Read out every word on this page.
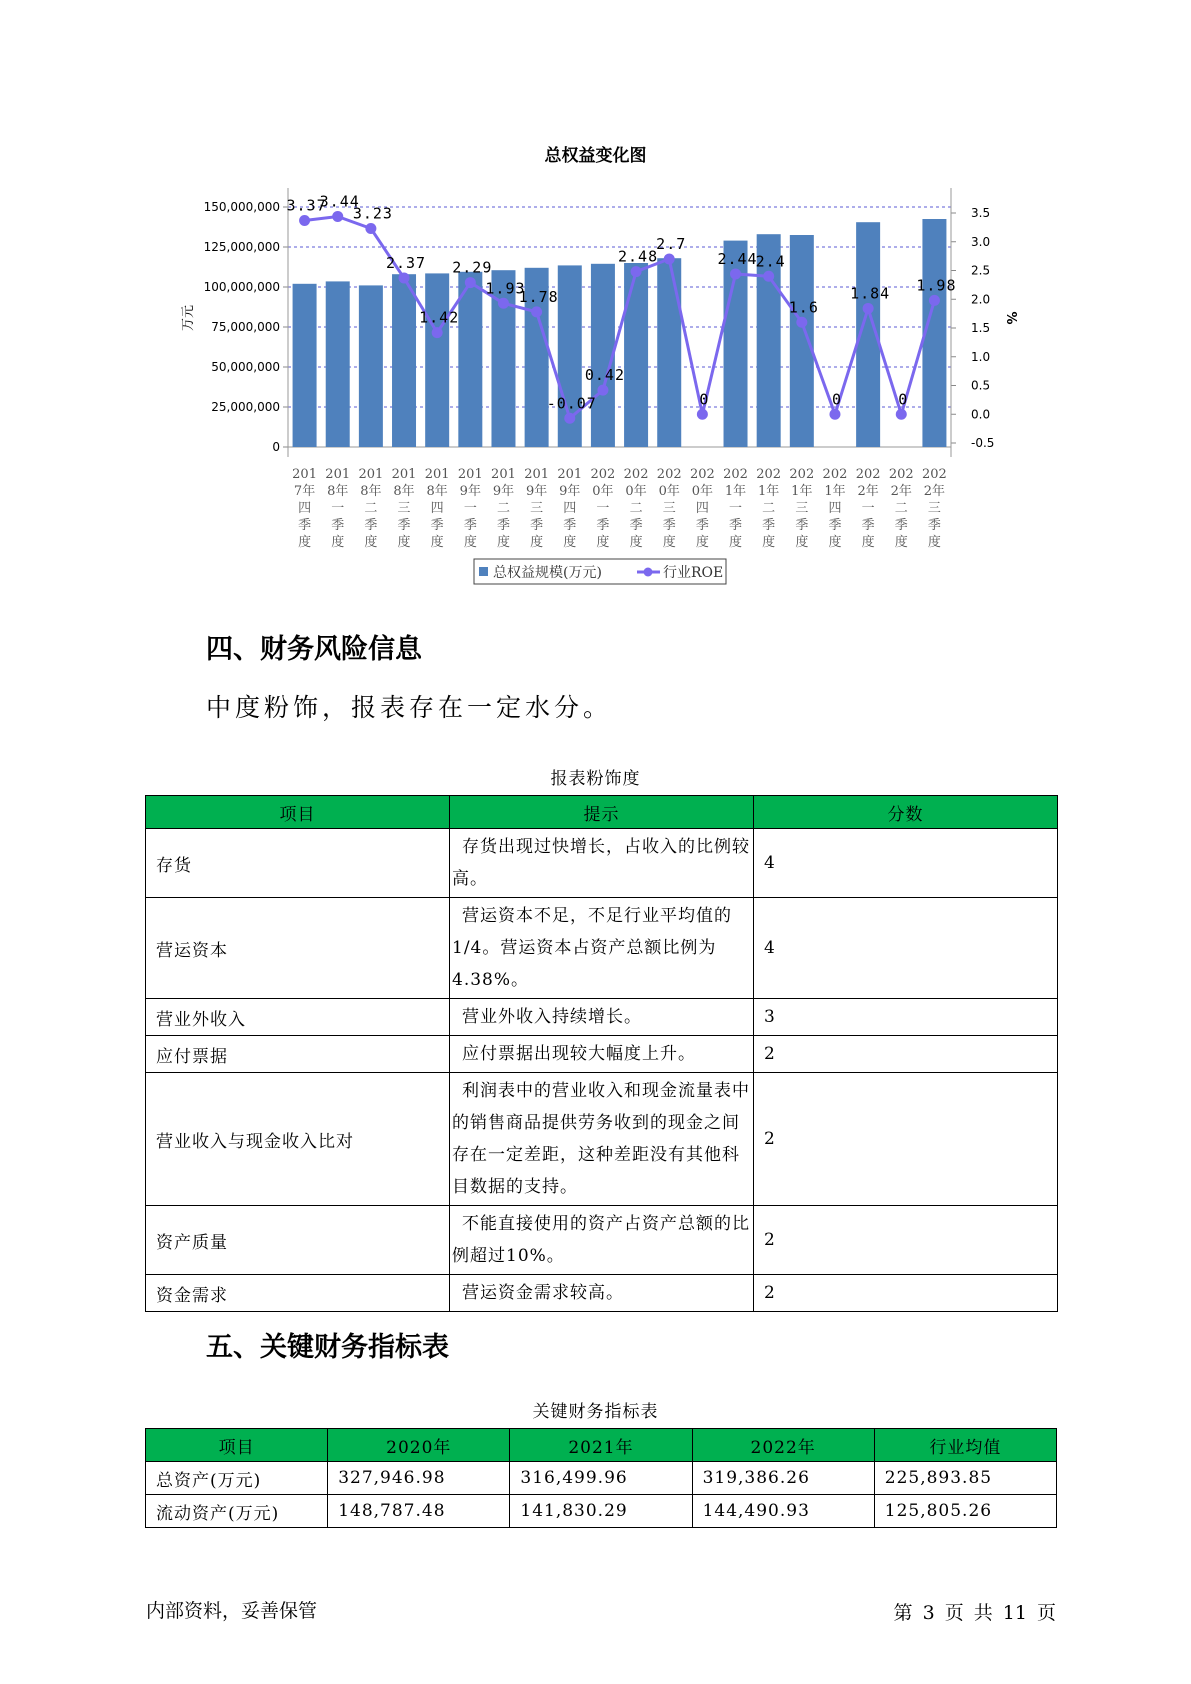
总权益变化图
150,000,000
125,000,000
100,000,000
75,000,000
50,000,000
25,000,000
0
3.5
3.0
2.5
2.0
1.5
1.0
0.5
0.0
-0.5
万元	%
201
7年
四
季
度
201
8年
一
季
度
201
8年
二
季
度
201
8年
三
季
度
201
8年
四
季
度
201
9年
一
季
度
201
9年
二
季
度
201
9年
三
季
度
201
9年
四
季
度
202
0年
一
季
度
202
0年
二
季
度
202
0年
三
季
度
202
0年
四
季
度
202
1年
一
季
度
202
1年
二
季
度
202
1年
三
季
度
202
1年
四
季
度
202
2年
一
季
度
202
2年
二
季
度
202
2年
三
季
度
3.37
3.44
3.23
2.37
1.42
2.29
1.93
1.78
-0.07
0.42
2.48
2.7
0
2.44
2.4
1.6
0
1.84
0
1.98
总权益规模(万元)	行业ROE
四、财务风险信息
中度粉饰，报表存在一定水分。
报表粉饰度
项目	提示	分数
存货	存货出现过快增长，占收入的比例较高。	4
营运资本	营运资本不足，不足行业平均值的1/4。营运资本占资产总额比例为4.38%。	4
营业外收入	营业外收入持续增长。	3
应付票据	应付票据出现较大幅度上升。	2
营业收入与现金收入比对	利润表中的营业收入和现金流量表中的销售商品提供劳务收到的现金之间存在一定差距，这种差距没有其他科目数据的支持。	2
资产质量	不能直接使用的资产占资产总额的比例超过10%。	2
资金需求	营运资金需求较高。	2
五、关键财务指标表
关键财务指标表
项目	2020年	2021年	2022年	行业均值
总资产(万元)	327,946.98	316,499.96	319,386.26	225,893.85
流动资产(万元)	148,787.48	141,830.29	144,490.93	125,805.26
内部资料，妥善保管	第 3 页 共 11 页
